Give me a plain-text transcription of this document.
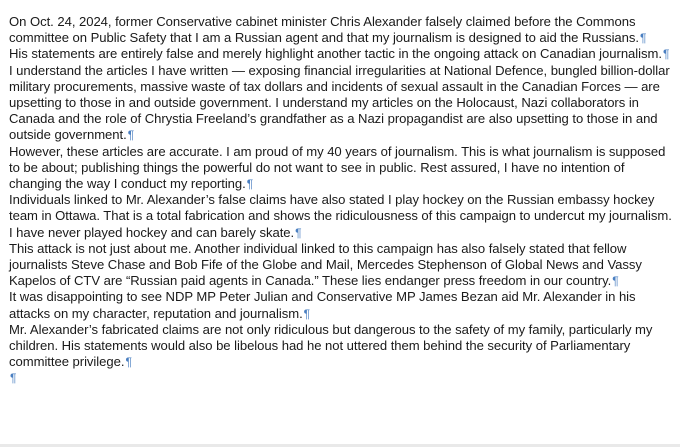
On Oct. 24, 2024, former Conservative cabinet minister Chris Alexander falsely claimed before the Commons committee on Public Safety that I am a Russian agent and that my journalism is designed to aid the Russians.¶

His statements are entirely false and merely highlight another tactic in the ongoing attack on Canadian journalism.¶

I understand the articles I have written — exposing financial irregularities at National Defence, bungled billion-dollar military procurements, massive waste of tax dollars and incidents of sexual assault in the Canadian Forces — are upsetting to those in and outside government. I understand my articles on the Holocaust, Nazi collaborators in Canada and the role of Chrystia Freeland’s grandfather as a Nazi propagandist are also upsetting to those in and outside government.¶

However, these articles are accurate. I am proud of my 40 years of journalism. This is what journalism is supposed to be about; publishing things the powerful do not want to see in public. Rest assured, I have no intention of changing the way I conduct my reporting.¶

Individuals linked to Mr. Alexander’s false claims have also stated I play hockey on the Russian embassy hockey team in Ottawa. That is a total fabrication and shows the ridiculousness of this campaign to undercut my journalism. I have never played hockey and can barely skate.¶

This attack is not just about me. Another individual linked to this campaign has also falsely stated that fellow journalists Steve Chase and Bob Fife of the Globe and Mail, Mercedes Stephenson of Global News and Vassy Kapelos of CTV are “Russian paid agents in Canada.” These lies endanger press freedom in our country.¶

It was disappointing to see NDP MP Peter Julian and Conservative MP James Bezan aid Mr. Alexander in his attacks on my character, reputation and journalism.¶

Mr. Alexander’s fabricated claims are not only ridiculous but dangerous to the safety of my family, particularly my children. His statements would also be libelous had he not uttered them behind the security of Parliamentary committee privilege.¶

¶
